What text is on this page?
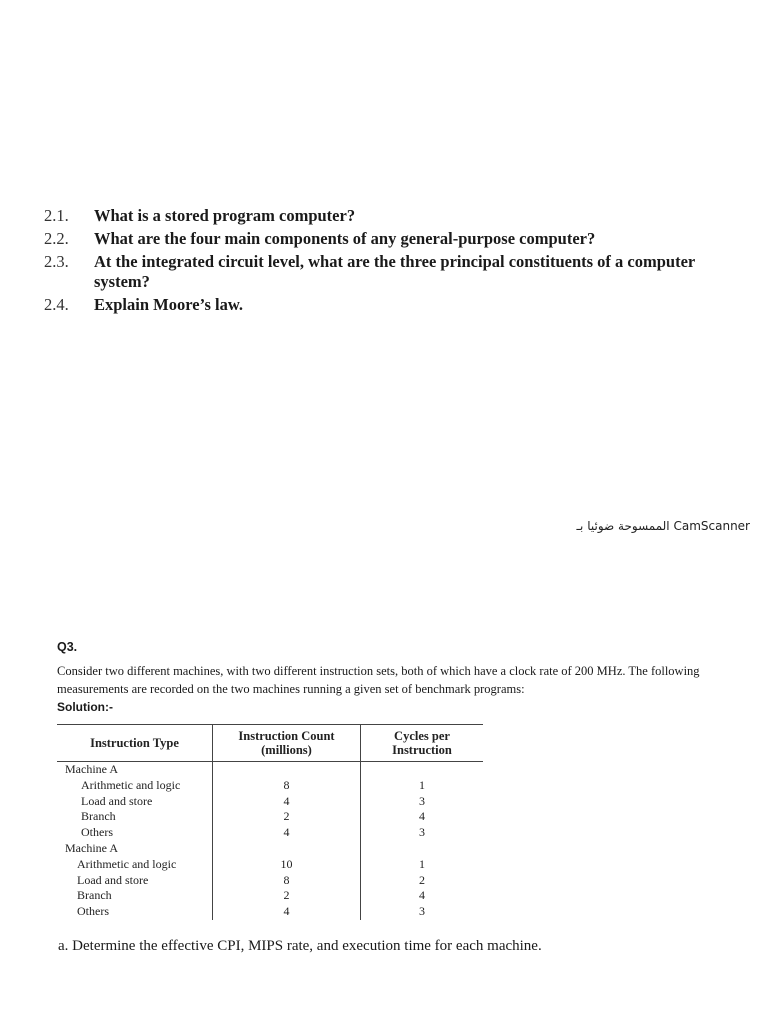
2.1.	What is a stored program computer?
2.2.	What are the four main components of any general-purpose computer?
2.3.	At the integrated circuit level, what are the three principal constituents of a computer system?
2.4.	Explain Moore’s law.
الممسوحة ضوئيا بـ CamScanner
Q3.
Consider two different machines, with two different instruction sets, both of which have a clock rate of 200 MHz. The following measurements are recorded on the two machines running a given set of benchmark programs:
Solution:-
Instruction Type	Instruction Count (millions)	Cycles per Instruction
Machine A		
Arithmetic and logic	8	1
Load and store	4	3
Branch	2	4
Others	4	3
Machine A		
Arithmetic and logic	10	1
Load and store	8	2
Branch	2	4
Others	4	3
a. Determine the effective CPI, MIPS rate, and execution time for each machine.
